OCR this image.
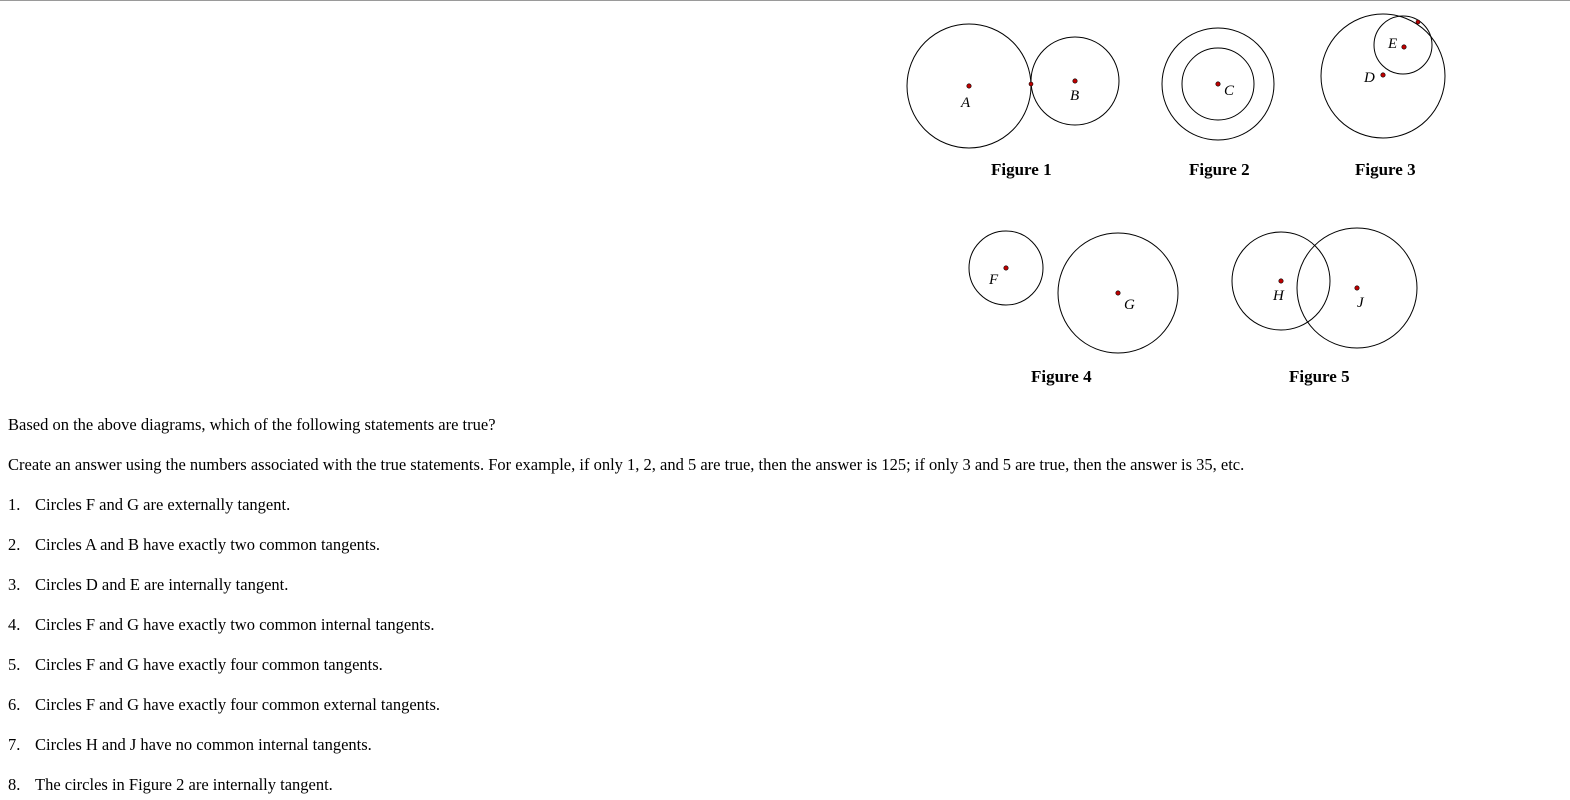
A	B
Figure 1
C
Figure 2
D
E
Figure 3
F
G
Figure 4
H	J
Figure 5
Based on the above diagrams, which of the following statements are true?
Create an answer using the numbers associated with the true statements. For example, if only 1, 2, and 5 are true, then the answer is 125; if only 3 and 5 are true, then the answer is 35, etc.
1. Circles F and G are externally tangent.
2. Circles A and B have exactly two common tangents.
3. Circles D and E are internally tangent.
4. Circles F and G have exactly two common internal tangents.
5. Circles F and G have exactly four common tangents.
6. Circles F and G have exactly four common external tangents.
7. Circles H and J have no common internal tangents.
8. The circles in Figure 2 are internally tangent.
